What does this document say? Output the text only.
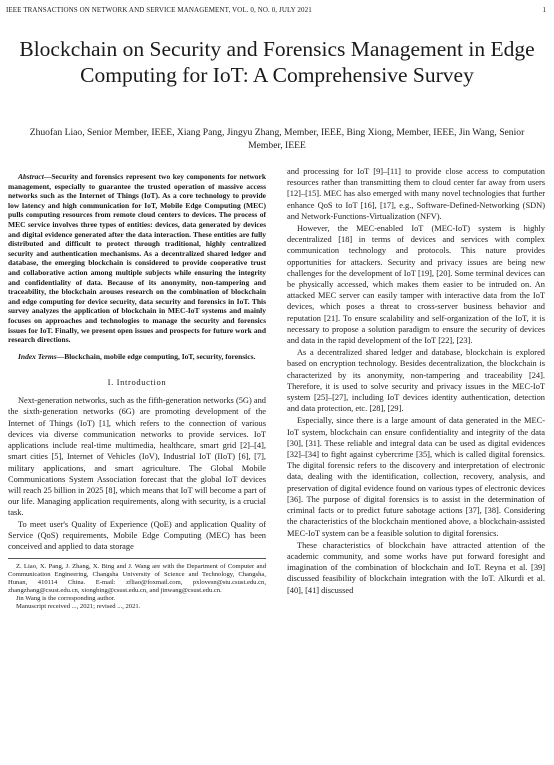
IEEE TRANSACTIONS ON NETWORK AND SERVICE MANAGEMENT, VOL. 0, NO. 0, JULY 2021	1
Blockchain on Security and Forensics Management in Edge Computing for IoT: A Comprehensive Survey
Zhuofan Liao, Senior Member, IEEE, Xiang Pang, Jingyu Zhang, Member, IEEE, Bing Xiong, Member, IEEE, Jin Wang, Senior Member, IEEE

Abstract—Security and forensics represent two key components for network management, especially to guarantee the trusted operation of massive access networks such as the Internet of Things (IoT). As a core technology to provide low latency and high communication for IoT, Mobile Edge Computing (MEC) pulls computing resources from remote cloud centers to devices. The process of MEC service involves three types of entities: devices, data generated by devices and digital evidence generated after the data interaction. These entities are fully distributed and difficult to protect through traditional, highly centralized security and authentication mechanisms. As a decentralized shared ledger and database, the emerging blockchain is considered to provide cooperative trust and collaborative action among multiple subjects while ensuring the integrity and confidentiality of data. Because of its anonymity, non-tampering and traceability, the blockchain arouses research on the combination of blockchain and edge computing for device security, data security and forensics in IoT. This survey analyzes the application of blockchain in MEC-IoT systems and mainly focuses on approaches and technologies to manage the security and forensics issues for IoT. Finally, we present open issues and prospects for future work and research directions.

Index Terms—Blockchain, mobile edge computing, IoT, security, forensics.

I. Introduction

Next-generation networks, such as the fifth-generation networks (5G) and the sixth-generation networks (6G) are promoting development of the Internet of Things (IoT) [1], which refers to the connection of various devices via diverse communication networks to provide services. IoT applications include real-time multimedia, healthcare, smart grid [2]–[4], smart cities [5], Internet of Vehicles (IoV), Industrial IoT (IIoT) [6], [7], military applications, and smart agriculture. The Global Mobile Communications System Association forecast that the global IoT devices will reach 25 billion in 2025 [8], which means that IoT will become a part of our life. Managing application requirements, along with security, is a crucial task.

To meet user's Quality of Experience (QoE) and application Quality of Service (QoS) requirements, Mobile Edge Computing (MEC) has been conceived and applied to data storage

Z. Liao, X. Pang, J. Zhang, X. Bing and J. Wang are with the Department of Computer and Communication Engineering, Changsha University of Science and Technology, Changsha, Hunan, 410114 China. E-mail: zfliao@foxmail.com, pxlovesn@stu.csust.edu.cn, zhangzhang@csust.edu.cn, xiongbing@csust.edu.cn, and jinwang@csust.edu.cn.

Jin Wang is the corresponding author.

Manuscript received ..., 2021; revised ..., 2021.

and processing for IoT [9]–[11] to provide close access to computation resources rather than transmitting them to cloud center far away from users [12]–[15]. MEC has also emerged with many novel technologies that further enhance QoS to IoT [16], [17], e.g., Software-Defined-Networking (SDN) and Network-Functions-Virtualization (NFV).

However, the MEC-enabled IoT (MEC-IoT) system is highly decentralized [18] in terms of devices and services with complex communication technology and protocols. This nature provides opportunities for attackers. Security and privacy issues are being new challenges for the development of IoT [19], [20]. Some terminal devices can be physically accessed, which makes them easier to be intruded on. An attacked MEC server can easily tamper with interactive data from the IoT devices, which poses a threat to cross-server business behavior and reputation [21]. To ensure scalability and self-organization of the IoT, it is necessary to propose a solution paradigm to ensure the security of devices and data in the rapid development of the IoT [22], [23].

As a decentralized shared ledger and database, blockchain is explored based on encryption technology. Besides decentralization, the blockchain is characterized by its anonymity, non-tampering and traceability [24]. Therefore, it is used to solve security and privacy issues in the MEC-IoT system [25]–[27], including IoT devices identity authentication, detection and data protection, etc. [28], [29].

Especially, since there is a large amount of data generated in the MEC-IoT system, blockchain can ensure confidentiality and integrity of the data [30], [31]. These reliable and integral data can be used as digital evidences [32]–[34] to fight against cybercrime [35], which is called digital forensics. The digital forensic refers to the discovery and interpretation of electronic data, dealing with the identification, collection, recovery, analysis, and preservation of digital evidence found on various types of electronic devices [36]. The purpose of digital forensics is to assist in the determination of criminal facts or to predict future sabotage actions [37], [38]. Considering the characteristics of the blockchain mentioned above, a blockchain-assisted MEC-IoT system can be a feasible solution to digital forensics.

These characteristics of blockchain have attracted attention of the academic community, and some works have put forward foresight and imagination of the combination of blockchain and IoT. Reyna et al. [39] discussed feasibility of blockchain integration with the IoT. Alkurdi et al. [40], [41] discussed
